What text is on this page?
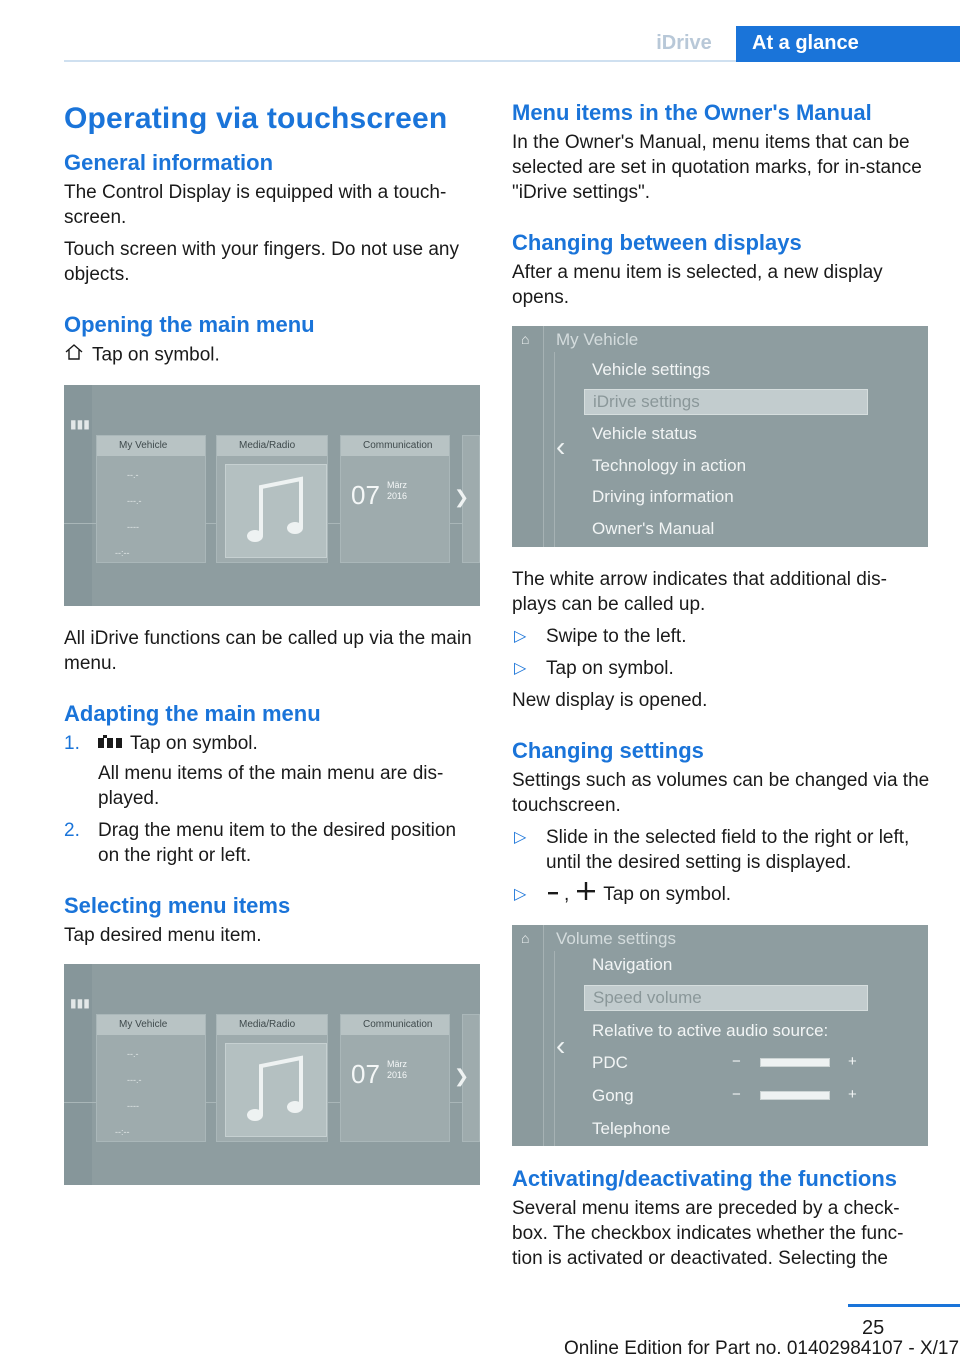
iDrive	At a glance
Operating via touchscreen
General information

The Control Display is equipped with a touch‐screen.

Touch screen with your fingers. Do not use any objects.

Opening the main menu

Tap on symbol.

▮▮▮
My Vehicle
--.-
---.-
----
--:--
Media/Radio	Communication
07 März
2016	❯

All iDrive functions can be called up via the main menu.

Adapting the main menu
1.	Tap on symbol.
All menu items of the main menu are dis‐played.
2. Drag the menu item to the desired position on the right or left.
Selecting menu items

Tap desired menu item.

▮▮▮
My Vehicle
--.-
---.-
----
--:--
Media/Radio	Communication
07 März
2016	❯
Menu items in the Owner's Manual

In the Owner's Manual, menu items that can be selected are set in quotation marks, for in‐stance "iDrive settings".

Changing between displays

After a menu item is selected, a new display opens.

⌂ My Vehicle
‹
Vehicle settings
iDrive settings
Vehicle status
Technology in action
Driving information
Owner's Manual

The white arrow indicates that additional dis‐plays can be called up.

▷ Swipe to the left.
▷ Tap on symbol.

New display is opened.

Changing settings

Settings such as volumes can be changed via the touchscreen.

▷ Slide in the selected field to the right or left, until the desired setting is displayed.
▷ , Tap on symbol.
⌂ Volume settings
‹
Navigation
Speed volume
Relative to active audio source:
PDC
Gong
Telephone
−	+
−	+
Activating/deactivating the functions

Several menu items are preceded by a check‐box. The checkbox indicates whether the func‐tion is activated or deactivated. Selecting the

25
Online Edition for Part no. 01402984107 - X/17
